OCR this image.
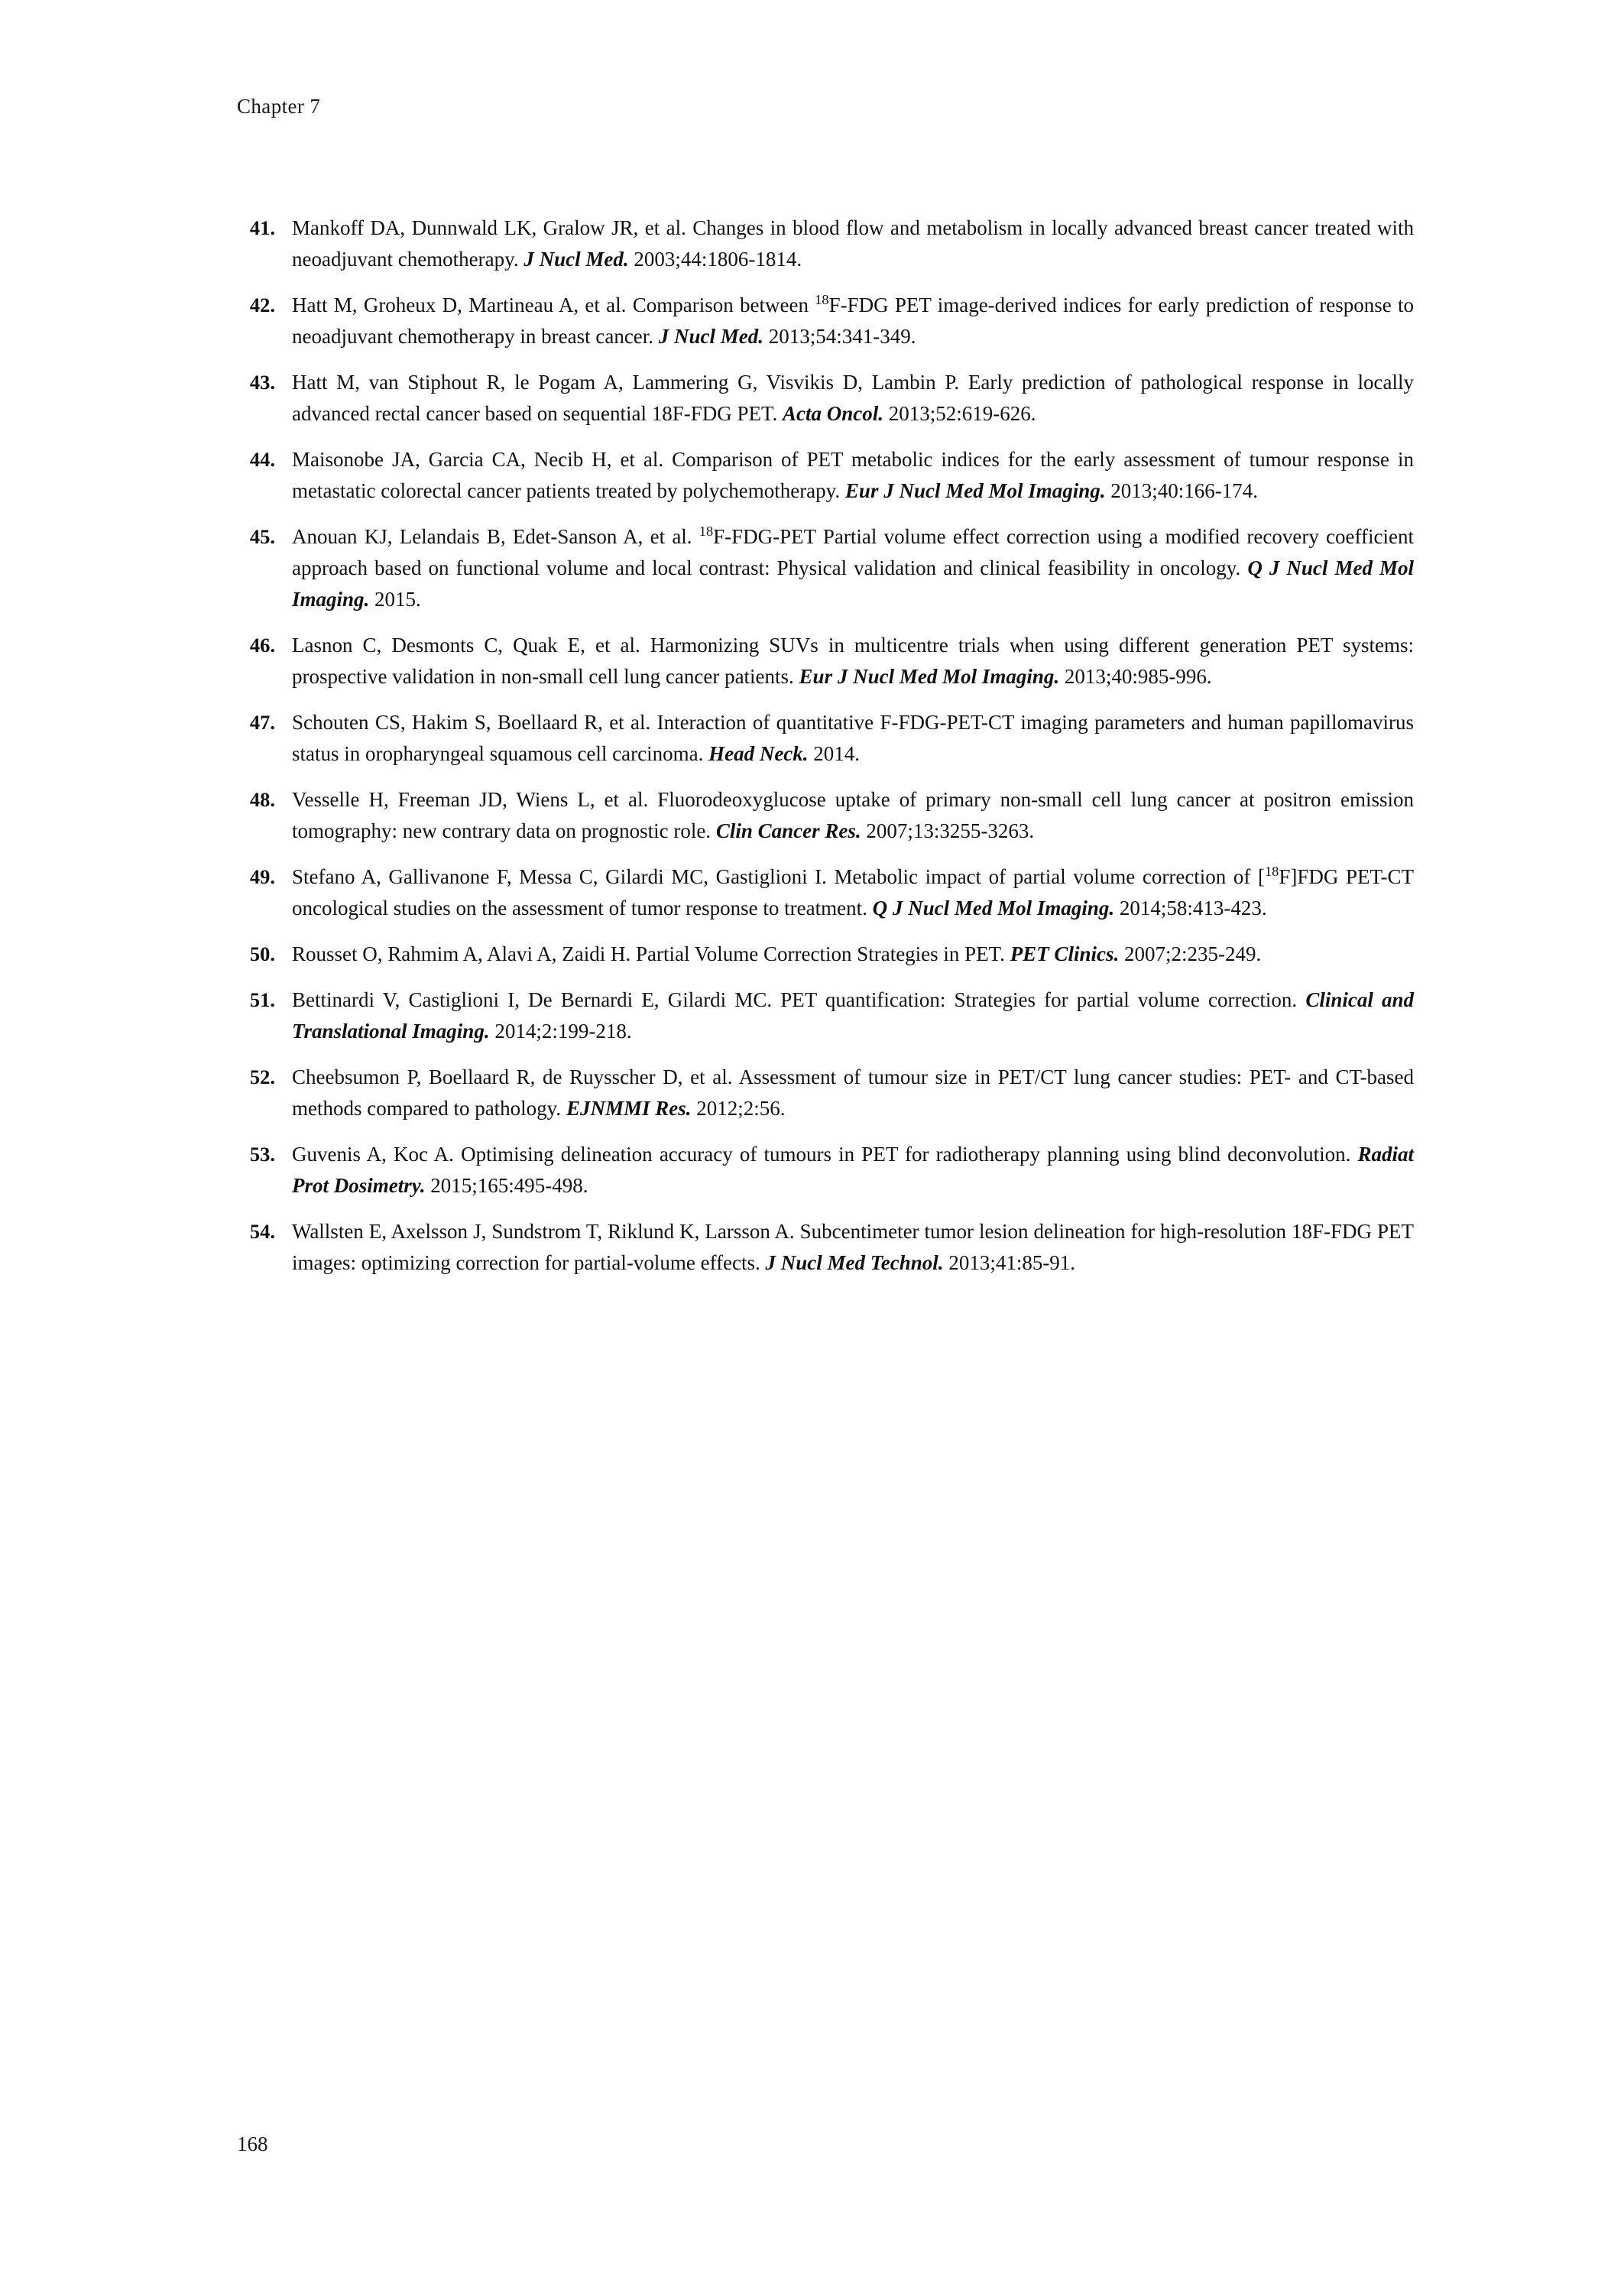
Chapter 7
41. Mankoff DA, Dunnwald LK, Gralow JR, et al. Changes in blood flow and metabolism in locally advanced breast cancer treated with neoadjuvant chemotherapy. J Nucl Med. 2003;44:1806-1814.
42. Hatt M, Groheux D, Martineau A, et al. Comparison between $^{18}$F-FDG PET image-derived indices for early prediction of response to neoadjuvant chemotherapy in breast cancer. J Nucl Med. 2013;54:341-349.
43. Hatt M, van Stiphout R, le Pogam A, Lammering G, Visvikis D, Lambin P. Early prediction of pathological response in locally advanced rectal cancer based on sequential 18F-FDG PET. Acta Oncol. 2013;52:619-626.
44. Maisonobe JA, Garcia CA, Necib H, et al. Comparison of PET metabolic indices for the early assessment of tumour response in metastatic colorectal cancer patients treated by polychemotherapy. Eur J Nucl Med Mol Imaging. 2013;40:166-174.
45. Anouan KJ, Lelandais B, Edet-Sanson A, et al. $^{18}$F-FDG-PET Partial volume effect correction using a modified recovery coefficient approach based on functional volume and local contrast: Physical validation and clinical feasibility in oncology. Q J Nucl Med Mol Imaging. 2015.
46. Lasnon C, Desmonts C, Quak E, et al. Harmonizing SUVs in multicentre trials when using different generation PET systems: prospective validation in non-small cell lung cancer patients. Eur J Nucl Med Mol Imaging. 2013;40:985-996.
47. Schouten CS, Hakim S, Boellaard R, et al. Interaction of quantitative F-FDG-PET-CT imaging parameters and human papillomavirus status in oropharyngeal squamous cell carcinoma. Head Neck. 2014.
48. Vesselle H, Freeman JD, Wiens L, et al. Fluorodeoxyglucose uptake of primary non-small cell lung cancer at positron emission tomography: new contrary data on prognostic role. Clin Cancer Res. 2007;13:3255-3263.
49. Stefano A, Gallivanone F, Messa C, Gilardi MC, Gastiglioni I. Metabolic impact of partial volume correction of [$^{18}$F]FDG PET-CT oncological studies on the assessment of tumor response to treatment. Q J Nucl Med Mol Imaging. 2014;58:413-423.
50. Rousset O, Rahmim A, Alavi A, Zaidi H. Partial Volume Correction Strategies in PET. PET Clinics. 2007;2:235-249.
51. Bettinardi V, Castiglioni I, De Bernardi E, Gilardi MC. PET quantification: Strategies for partial volume correction. Clinical and Translational Imaging. 2014;2:199-218.
52. Cheebsumon P, Boellaard R, de Ruysscher D, et al. Assessment of tumour size in PET/CT lung cancer studies: PET- and CT-based methods compared to pathology. EJNMMI Res. 2012;2:56.
53. Guvenis A, Koc A. Optimising delineation accuracy of tumours in PET for radiotherapy planning using blind deconvolution. Radiat Prot Dosimetry. 2015;165:495-498.
54. Wallsten E, Axelsson J, Sundstrom T, Riklund K, Larsson A. Subcentimeter tumor lesion delineation for high-resolution 18F-FDG PET images: optimizing correction for partial-volume effects. J Nucl Med Technol. 2013;41:85-91.
168
